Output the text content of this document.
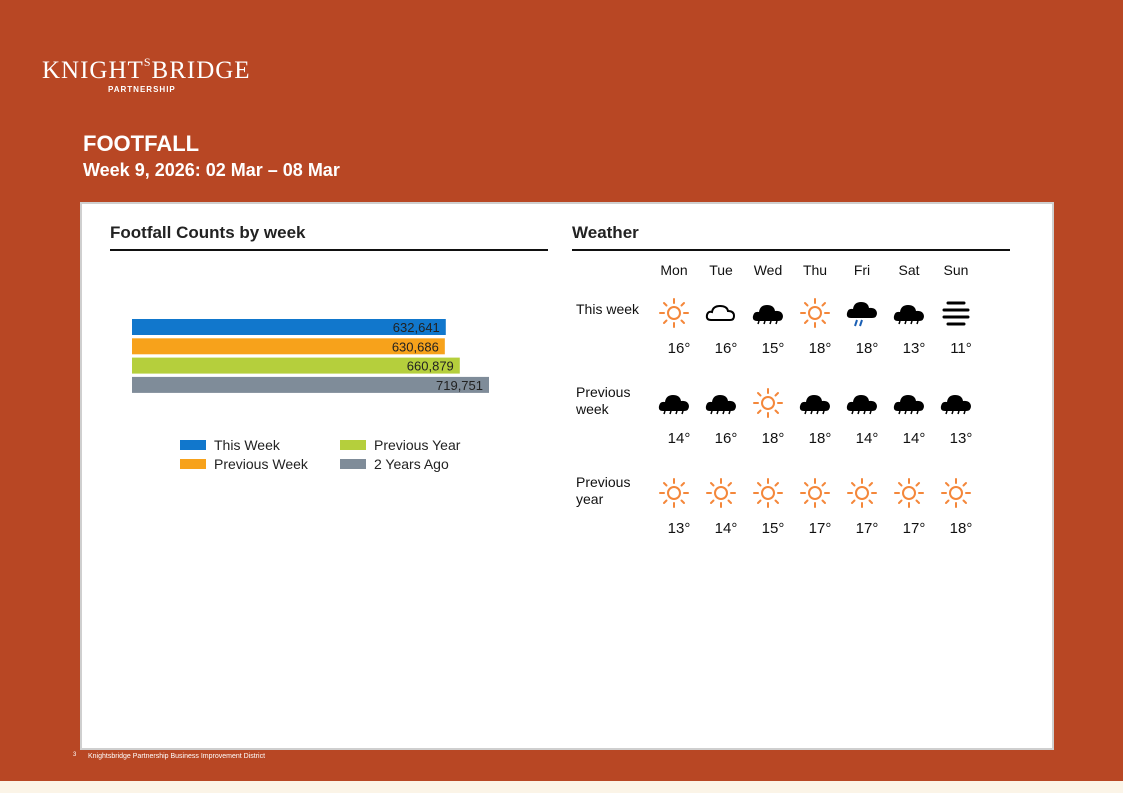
$KNIGHT^SBRIDGE$
PARTNERSHIP
FOOTFALL
Week 9, 2026: 02 Mar – 08 Mar
Footfall Counts by week
632,641
630,686
660,879
719,751
This Week
Previous Week
Previous Year
2 Years Ago
Weather
Mon	Tue	Wed	Thu	Fri	Sat	Sun
This week
16°	16°	15°	18°	18°	13°	11°
Previous week
14°	16°	18°	18°	14°	14°	13°
Previous year
13°	14°	15°	17°	17°	17°	18°
3 Knightsbridge Partnership Business Improvement District
